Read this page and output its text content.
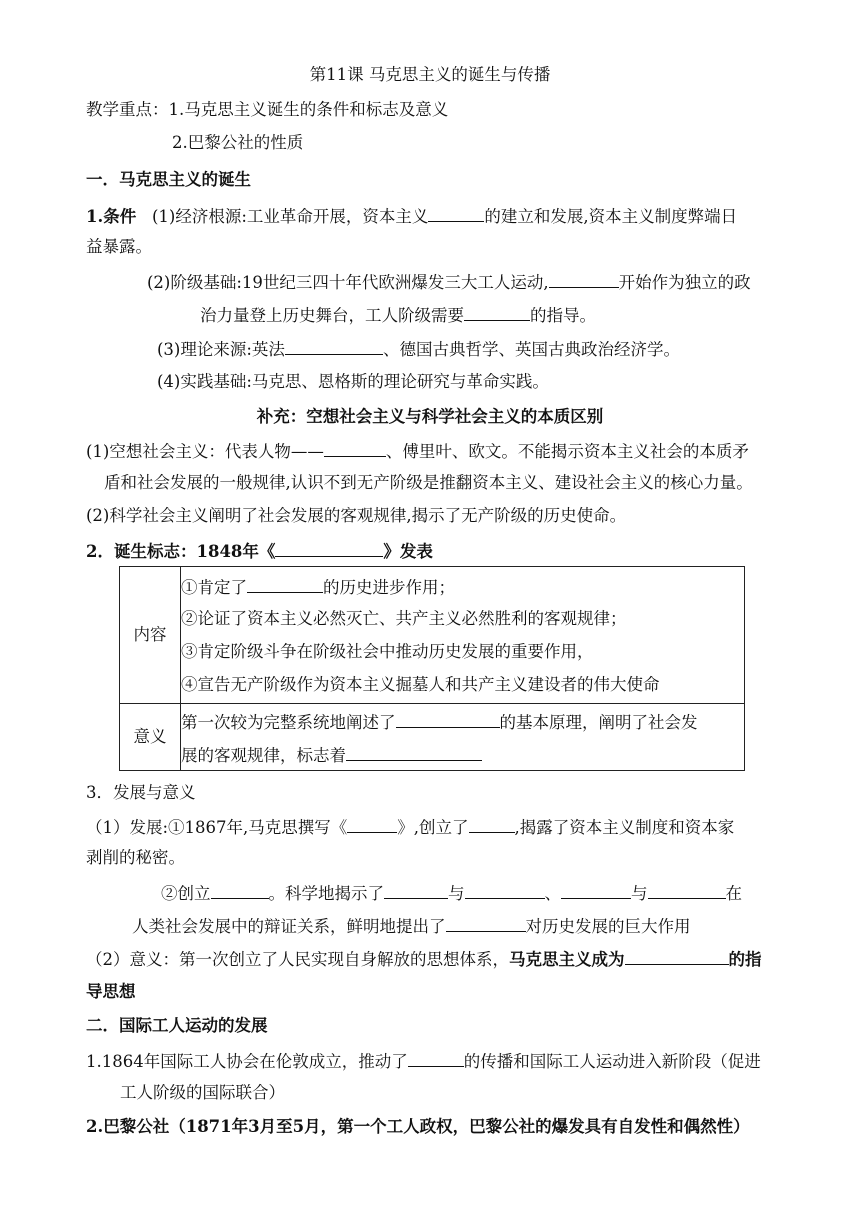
第11课 马克思主义的诞生与传播
教学重点：1.马克思主义诞生的条件和标志及意义
2.巴黎公社的性质
一．马克思主义的诞生
1.条件 (1)经济根源:工业革命开展，资本主义	的建立和发展,资本主义制度弊端日
益暴露。
(2)阶级基础:19世纪三四十年代欧洲爆发三大工人运动,	开始作为独立的政
治力量登上历史舞台，工人阶级需要	的指导。
(3)理论来源:英法	、德国古典哲学、英国古典政治经济学。
(4)实践基础:马克思、恩格斯的理论研究与革命实践。
补充：空想社会主义与科学社会主义的本质区别
(1)空想社会主义：代表人物——	、傅里叶、欧文。不能揭示资本主义社会的本质矛
盾和社会发展的一般规律,认识不到无产阶级是推翻资本主义、建设社会主义的核心力量。
(2)科学社会主义阐明了社会发展的客观规律,揭示了无产阶级的历史使命。
2．诞生标志：1848年《	》发表
内容	①肯定了 的历史进步作用；
②论证了资本主义必然灭亡、共产主义必然胜利的客观规律；
③肯定阶级斗争在阶级社会中推动历史发展的重要作用，
④宣告无产阶级作为资本主义掘墓人和共产主义建设者的伟大使命

意义	第一次较为完整系统地阐述了 的基本原理，阐明了社会发
展的客观规律，标志着
3．发展与意义
（1）发展:①1867年,马克思撰写《	》,创立了	,揭露了资本主义制度和资本家
剥削的秘密。
②创立	。科学地揭示了	与	、	与	在
人类社会发展中的辩证关系，鲜明地提出了	对历史发展的巨大作用
（2）意义：第一次创立了人民实现自身解放的思想体系，马克思主义成为	的指
导思想
二．国际工人运动的发展
1.1864年国际工人协会在伦敦成立，推动了	的传播和国际工人运动进入新阶段（促进
工人阶级的国际联合）
2.巴黎公社（1871年3月至5月，第一个工人政权，巴黎公社的爆发具有自发性和偶然性）
